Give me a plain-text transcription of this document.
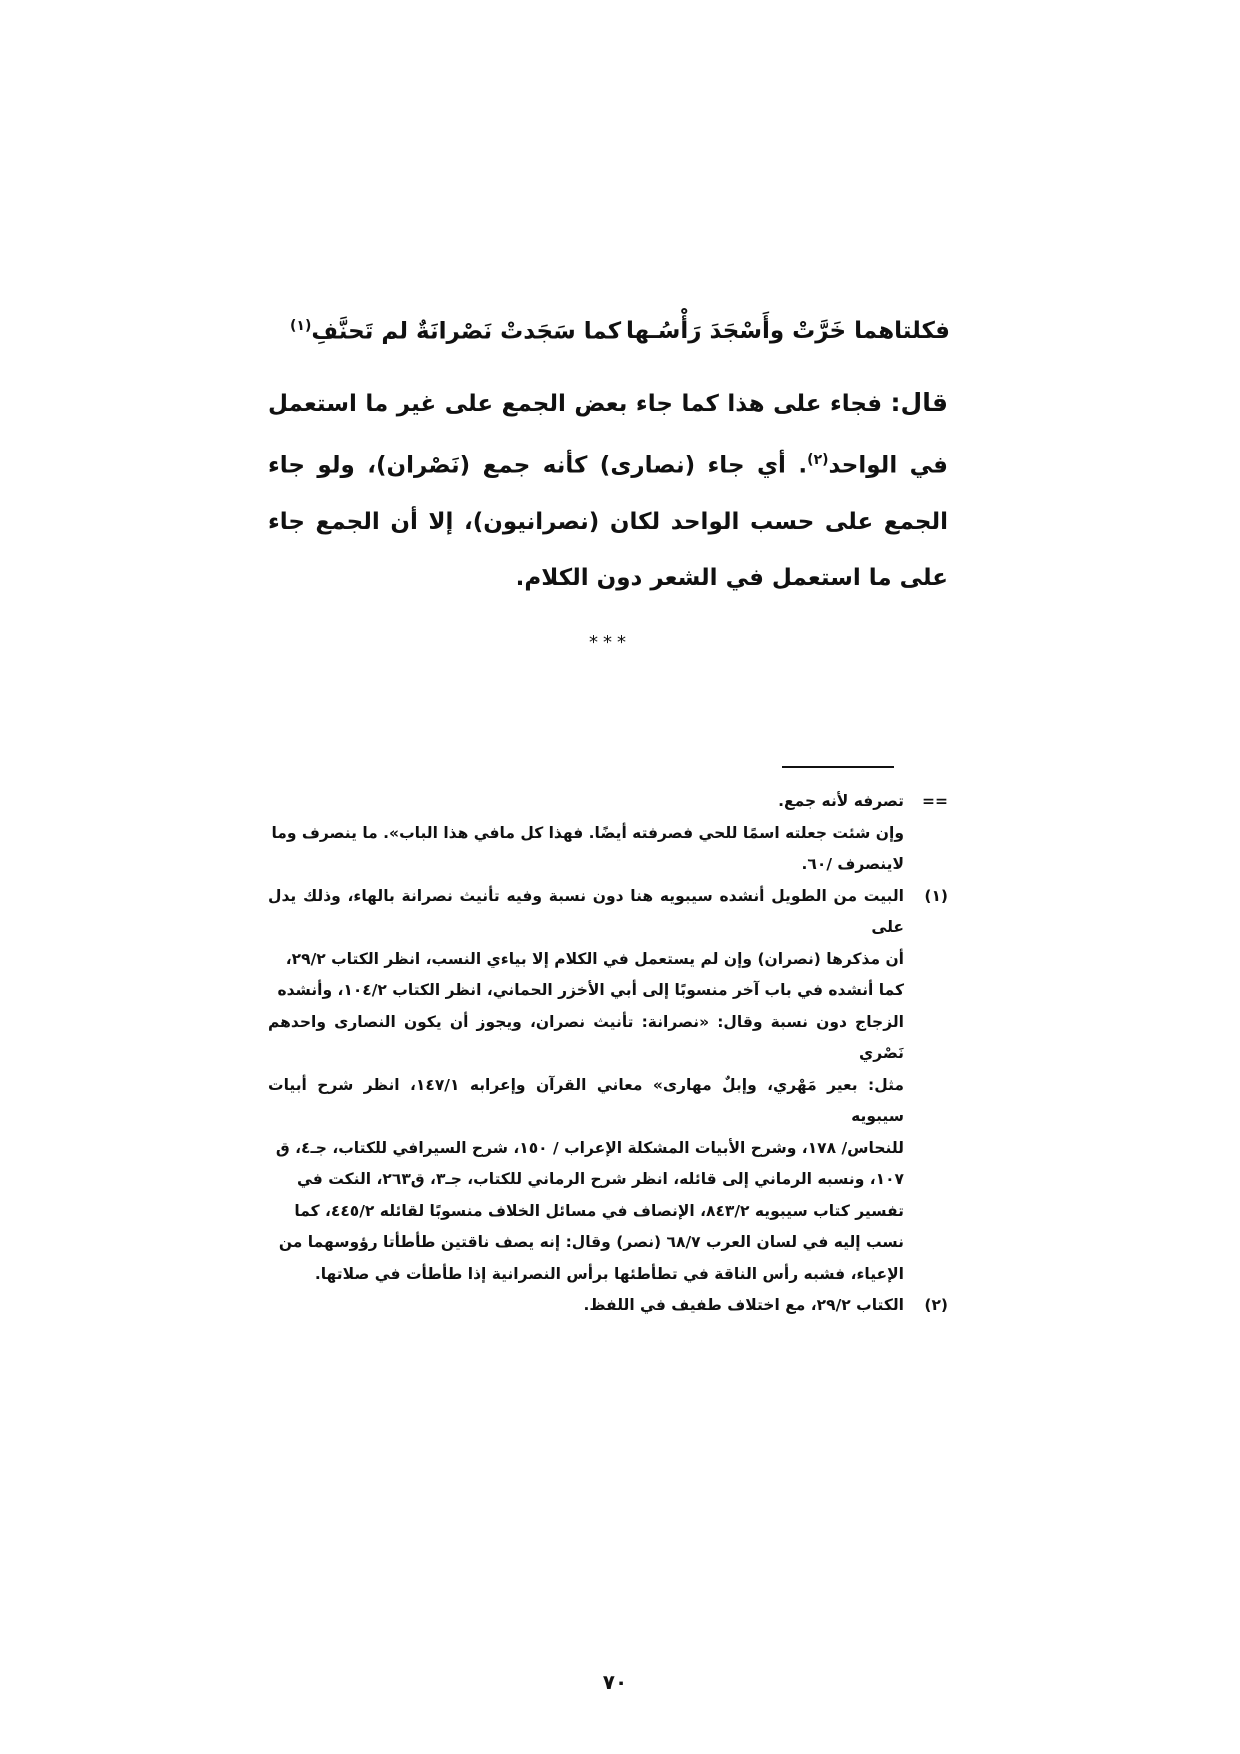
فكلتاهما خَرَّتْ وأَسْجَدَ رَأْسُـها
كما سَجَدتْ نَصْرانَةٌ لم تَحنَّفِ$^{(١)}$
قال: فجاء على هذا كما جاء بعض الجمع على غير ما استعمل في الواحد$^{(٢)}$. أي جاء (نصارى) كأنه جمع (نَصْران)، ولو جاء الجمع على حسب الواحد لكان (نصرانيون)، إلا أن الجمع جاء على ما استعمل في الشعر دون الكلام.
***
==
تصرفه لأنه جمع.
وإن شئت جعلته اسمًا للحي فصرفته أيضًا. فهذا كل مافي هذا الباب». ما ينصرف وما
لاينصرف /٦٠.
(١)
البيت من الطويل أنشده سيبويه هنا دون نسبة وفيه تأنيث نصرانة بالهاء، وذلك يدل على
أن مذكرها (نصران) وإن لم يستعمل في الكلام إلا بياءي النسب، انظر الكتاب ٢٩/٢،
كما أنشده في باب آخر منسوبًا إلى أبي الأخزر الحماني، انظر الكتاب ١٠٤/٢، وأنشده
الزجاج دون نسبة وقال: «نصرانة: تأنيث نصران، ويجوز أن يكون النصارى واحدهم نَصْري
مثل: بعير مَهْري، وإبلٌ مهارى» معاني القرآن وإعرابه ١٤٧/١، انظر شرح أبيات سيبويه
للنحاس/ ١٧٨، وشرح الأبيات المشكلة الإعراب / ١٥٠، شرح السيرافي للكتاب، جـ٤، ق
١٠٧، ونسبه الرماني إلى قائله، انظر شرح الرماني للكتاب، جـ٣، ق٢٦٣، النكت في
تفسير كتاب سيبويه ٨٤٣/٢، الإنصاف في مسائل الخلاف منسوبًا لقائله ٤٤٥/٢، كما
نسب إليه في لسان العرب ٦٨/٧ (نصر) وقال: إنه يصف ناقتين طأطأتا رؤوسهما من
الإعياء، فشبه رأس الناقة في تطأطئها برأس النصرانية إذا طأطأت في صلاتها.
(٢)
الكتاب ٢٩/٢، مع اختلاف طفيف في اللفظ.
٧٠
